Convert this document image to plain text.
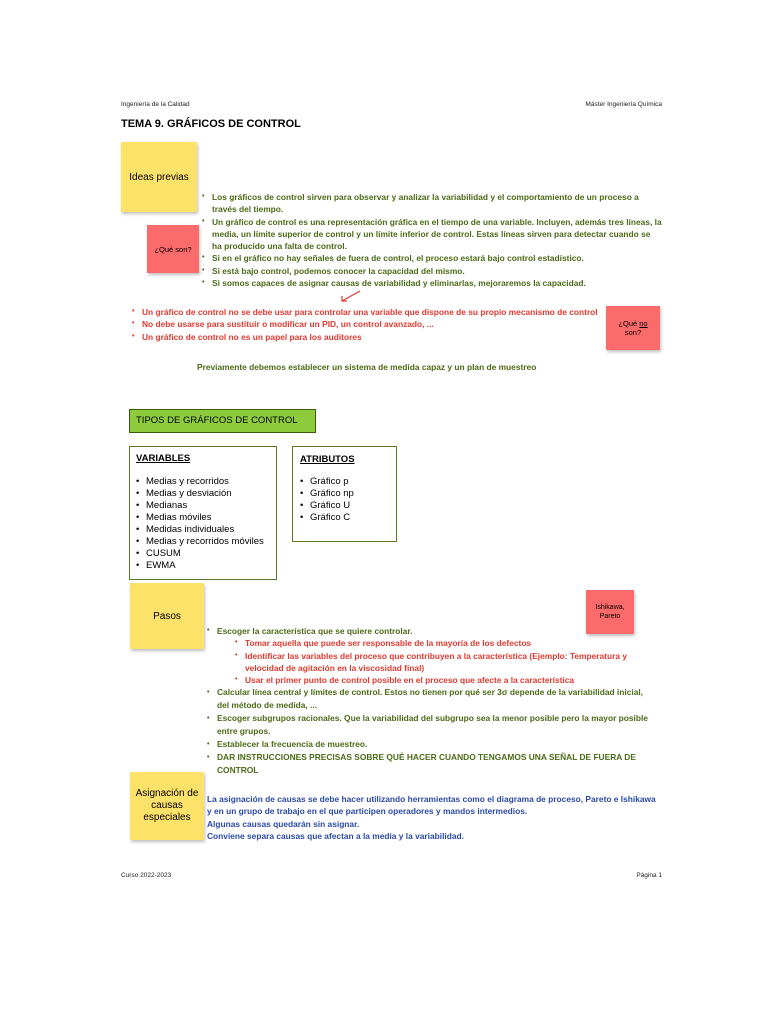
Ingeniería de la Calidad	Máster Ingeniería Química
TEMA 9. GRÁFICOS DE CONTROL
Ideas previas
¿Qué son?
• Los gráficos de control sirven para observar y analizar la variabilidad y el comportamiento de un proceso a través del tiempo.
• Un gráfico de control es una representación gráfica en el tiempo de una variable. Incluyen, además tres líneas, la media, un límite superior de control y un límite inferior de control. Estas líneas sirven para detectar cuando se ha producido una falta de control.
• Si en el gráfico no hay señales de fuera de control, el proceso estará bajo control estadístico.
• Si está bajo control, podemos conocer la capacidad del mismo.
• Si somos capaces de asignar causas de variabilidad y eliminarlas, mejoraremos la capacidad.
• Un gráfico de control no se debe usar para controlar una variable que dispone de su propio mecanismo de control
• No debe usarse para sustituir o modificar un PID, un control avanzado, ...
• Un gráfico de control no es un papel para los auditores
¿Qué no
son?
Previamente debemos establecer un sistema de medida capaz y un plan de muestreo
TIPOS DE GRÁFICOS DE CONTROL
VARIABLES
• Medias y recorridos
• Medias y desviación
• Medianas
• Medias móviles
• Medidas individuales
• Medias y recorridos móviles
• CUSUM
• EWMA
ATRIBUTOS
• Gráfico p
• Gráfico np
• Gráfico U
• Gráfico C
Pasos
Ishikawa, Pareto
• Escoger la característica que se quiere controlar.
• Tomar aquella que puede ser responsable de la mayoría de los defectos
• Identificar las variables del proceso que contribuyen a la característica (Ejemplo: Temperatura y velocidad de agitación en la viscosidad final)
• Usar el primer punto de control posible en el proceso que afecte a la característica
• Calcular línea central y límites de control. Estos no tienen por qué ser 3σ depende de la variabilidad inicial, del método de medida, ...
• Escoger subgrupos racionales. Que la variabilidad del subgrupo sea la menor posible pero la mayor posible entre grupos.
• Establecer la frecuencia de muestreo.
• DAR INSTRUCCIONES PRECISAS SOBRE QUÉ HACER CUANDO TENGAMOS UNA SEÑAL DE FUERA DE CONTROL
Asignación de causas especiales
La asignación de causas se debe hacer utilizando herramientas como el diagrama de proceso, Pareto e Ishikawa y en un grupo de trabajo en el que participen operadores y mandos intermedios.
Algunas causas quedarán sin asignar.
Conviene separa causas que afectan a la media y la variabilidad.
Curso 2022-2023	Página 1
